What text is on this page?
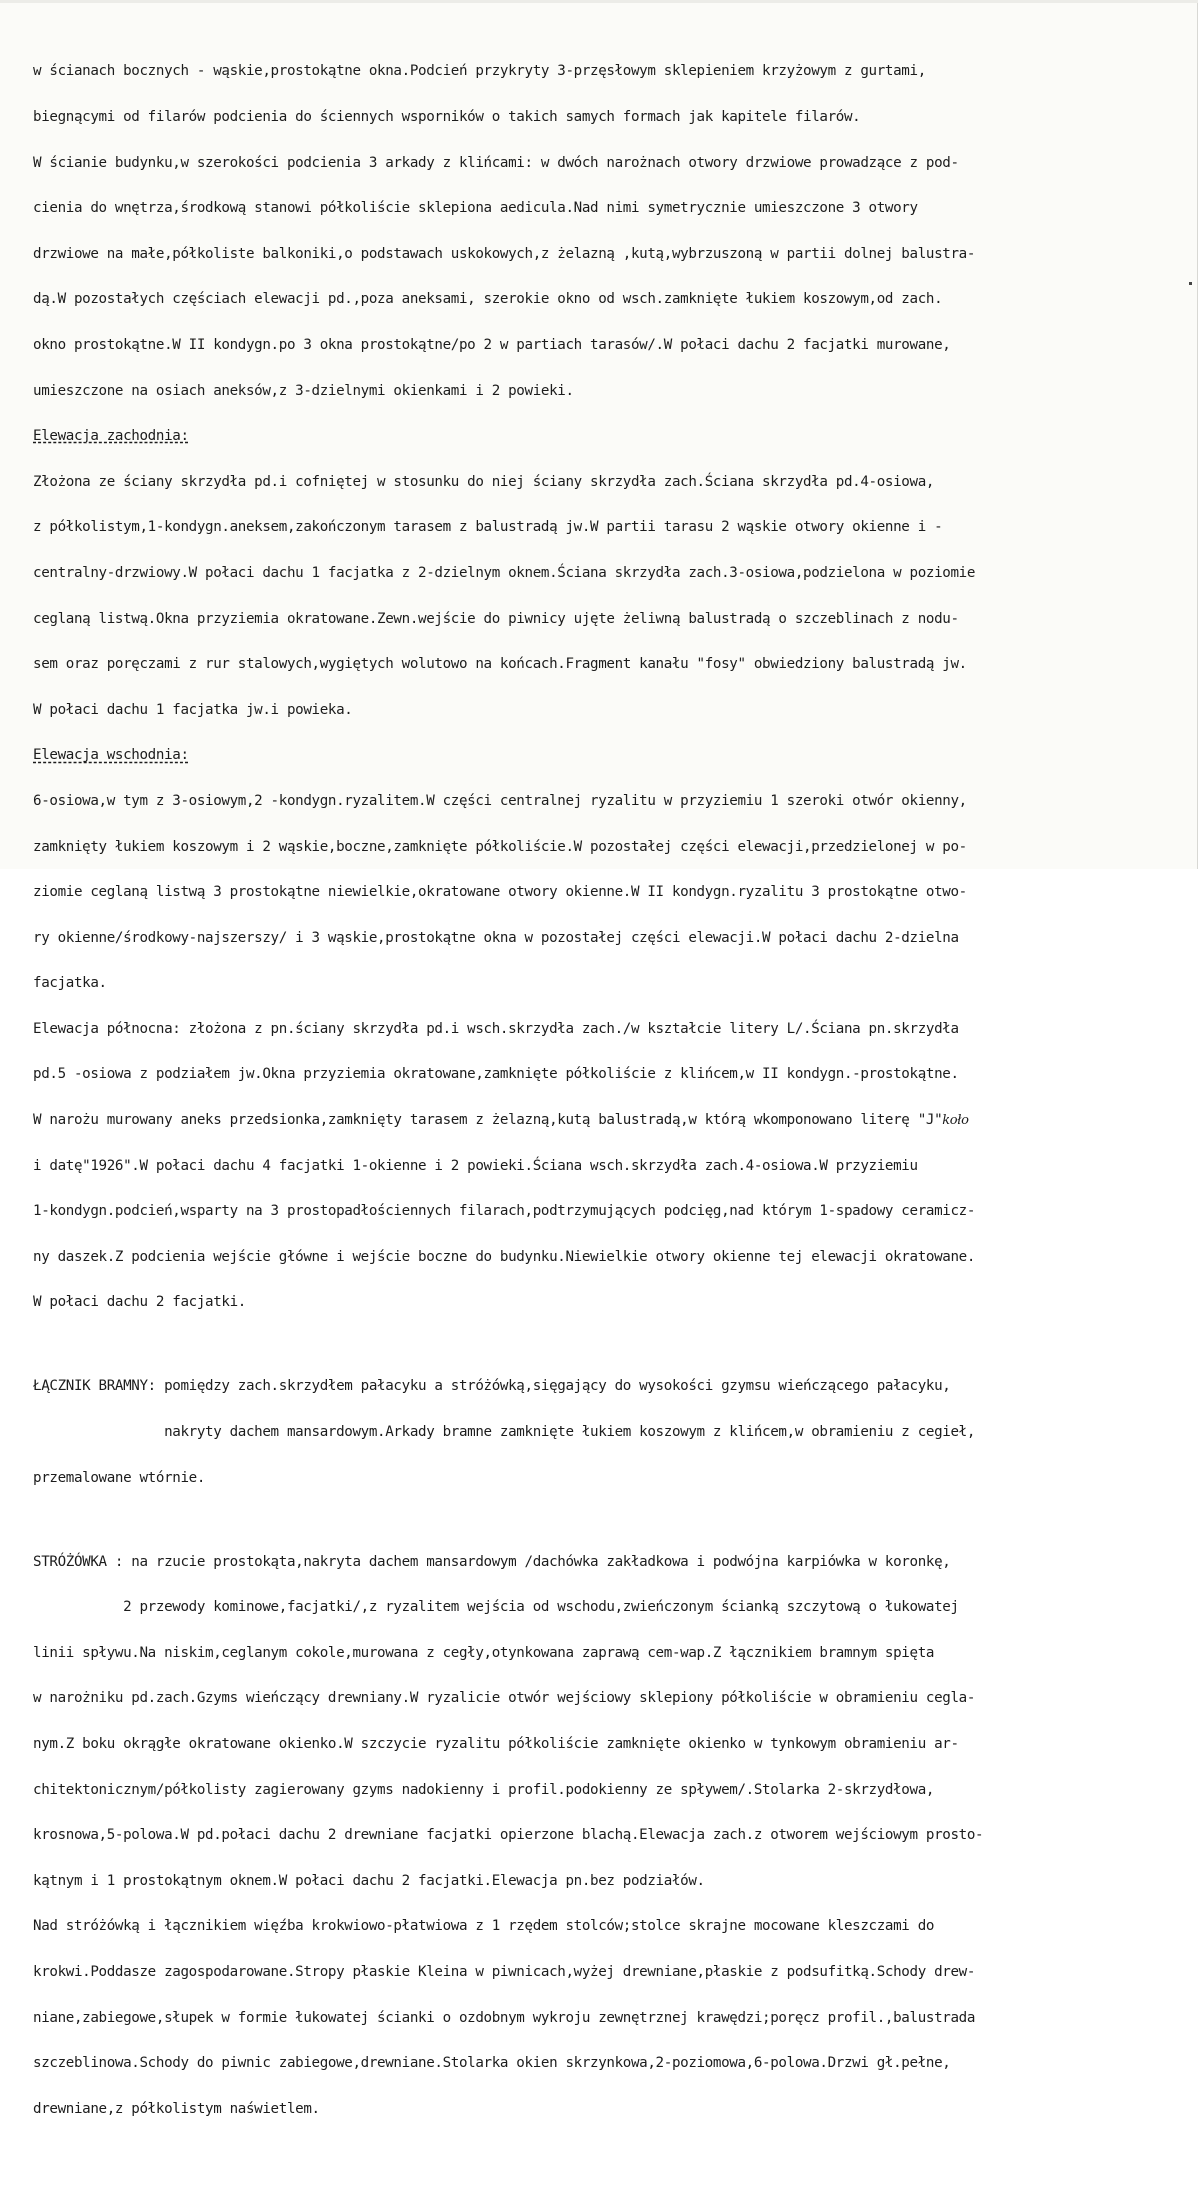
w ścianach bocznych - wąskie,prostokątne okna.Podcień przykryty 3-przęsłowym sklepieniem krzyżowym z gurtami,

biegnącymi od filarów podcienia do ściennych wsporników o takich samych formach jak kapitele filarów.

W ścianie budynku,w szerokości podcienia 3 arkady z klińcami: w dwóch narożnach otwory drzwiowe prowadzące z pod-

cienia do wnętrza,środkową stanowi półkoliście sklepiona aedicula.Nad nimi symetrycznie umieszczone 3 otwory

drzwiowe na małe,półkoliste balkoniki,o podstawach uskokowych,z żelazną ,kutą,wybrzuszoną w partii dolnej balustra-

dą.W pozostałych częściach elewacji pd.,poza aneksami, szerokie okno od wsch.zamknięte łukiem koszowym,od zach.

okno prostokątne.W II kondygn.po 3 okna prostokątne/po 2 w partiach tarasów/.W połaci dachu 2 facjatki murowane,

umieszczone na osiach aneksów,z 3-dzielnymi okienkami i 2 powieki.

Elewacja zachodnia:

Złożona ze ściany skrzydła pd.i cofniętej w stosunku do niej ściany skrzydła zach.Ściana skrzydła pd.4-osiowa,

z półkolistym,1-kondygn.aneksem,zakończonym tarasem z balustradą jw.W partii tarasu 2 wąskie otwory okienne i -

centralny-drzwiowy.W połaci dachu 1 facjatka z 2-dzielnym oknem.Ściana skrzydła zach.3-osiowa,podzielona w poziomie

ceglaną listwą.Okna przyziemia okratowane.Zewn.wejście do piwnicy ujęte żeliwną balustradą o szczeblinach z nodu-

sem oraz poręczami z rur stalowych,wygiętych wolutowo na końcach.Fragment kanału "fosy" obwiedziony balustradą jw.

W połaci dachu 1 facjatka jw.i powieka.

Elewacja wschodnia:

6-osiowa,w tym z 3-osiowym,2 -kondygn.ryzalitem.W części centralnej ryzalitu w przyziemiu 1 szeroki otwór okienny,

zamknięty łukiem koszowym i 2 wąskie,boczne,zamknięte półkoliście.W pozostałej części elewacji,przedzielonej w po-

ziomie ceglaną listwą 3 prostokątne niewielkie,okratowane otwory okienne.W II kondygn.ryzalitu 3 prostokątne otwo-

ry okienne/środkowy-najszerszy/ i 3 wąskie,prostokątne okna w pozostałej części elewacji.W połaci dachu 2-dzielna

facjatka.

Elewacja północna: złożona z pn.ściany skrzydła pd.i wsch.skrzydła zach./w kształcie litery L/.Ściana pn.skrzydła

pd.5 -osiowa z podziałem jw.Okna przyziemia okratowane,zamknięte półkoliście z klińcem,w II kondygn.-prostokątne.

W narożu murowany aneks przedsionka,zamknięty tarasem z żelazną,kutą balustradą,w którą wkomponowano literę "J"koło

i datę"1926".W połaci dachu 4 facjatki 1-okienne i 2 powieki.Ściana wsch.skrzydła zach.4-osiowa.W przyziemiu

1-kondygn.podcień,wsparty na 3 prostopadłościennych filarach,podtrzymujących podcięg,nad którym 1-spadowy ceramicz-

ny daszek.Z podcienia wejście główne i wejście boczne do budynku.Niewielkie otwory okienne tej elewacji okratowane.

W połaci dachu 2 facjatki.

ŁĄCZNIK BRAMNY: pomiędzy zach.skrzydłem pałacyku a stróżówką,sięgający do wysokości gzymsu wieńczącego pałacyku,

nakryty dachem mansardowym.Arkady bramne zamknięte łukiem koszowym z klińcem,w obramieniu z cegieł,

przemalowane wtórnie.

STRÓŻÓWKA : na rzucie prostokąta,nakryta dachem mansardowym /dachówka zakładkowa i podwójna karpiówka w koronkę,

2 przewody kominowe,facjatki/,z ryzalitem wejścia od wschodu,zwieńczonym ścianką szczytową o łukowatej

linii spływu.Na niskim,ceglanym cokole,murowana z cegły,otynkowana zaprawą cem-wap.Z łącznikiem bramnym spięta

w narożniku pd.zach.Gzyms wieńczący drewniany.W ryzalicie otwór wejściowy sklepiony półkoliście w obramieniu cegla-

nym.Z boku okrągłe okratowane okienko.W szczycie ryzalitu półkoliście zamknięte okienko w tynkowym obramieniu ar-

chitektonicznym/półkolisty zagierowany gzyms nadokienny i profil.podokienny ze spływem/.Stolarka 2-skrzydłowa,

krosnowa,5-polowa.W pd.połaci dachu 2 drewniane facjatki opierzone blachą.Elewacja zach.z otworem wejściowym prosto-

kątnym i 1 prostokątnym oknem.W połaci dachu 2 facjatki.Elewacja pn.bez podziałów.

Nad stróżówką i łącznikiem więźba krokwiowo-płatwiowa z 1 rzędem stolców;stolce skrajne mocowane kleszczami do

krokwi.Poddasze zagospodarowane.Stropy płaskie Kleina w piwnicach,wyżej drewniane,płaskie z podsufitką.Schody drew-

niane,zabiegowe,słupek w formie łukowatej ścianki o ozdobnym wykroju zewnętrznej krawędzi;poręcz profil.,balustrada

szczeblinowa.Schody do piwnic zabiegowe,drewniane.Stolarka okien skrzynkowa,2-poziomowa,6-polowa.Drzwi gł.pełne,

drewniane,z półkolistym naświetlem.
